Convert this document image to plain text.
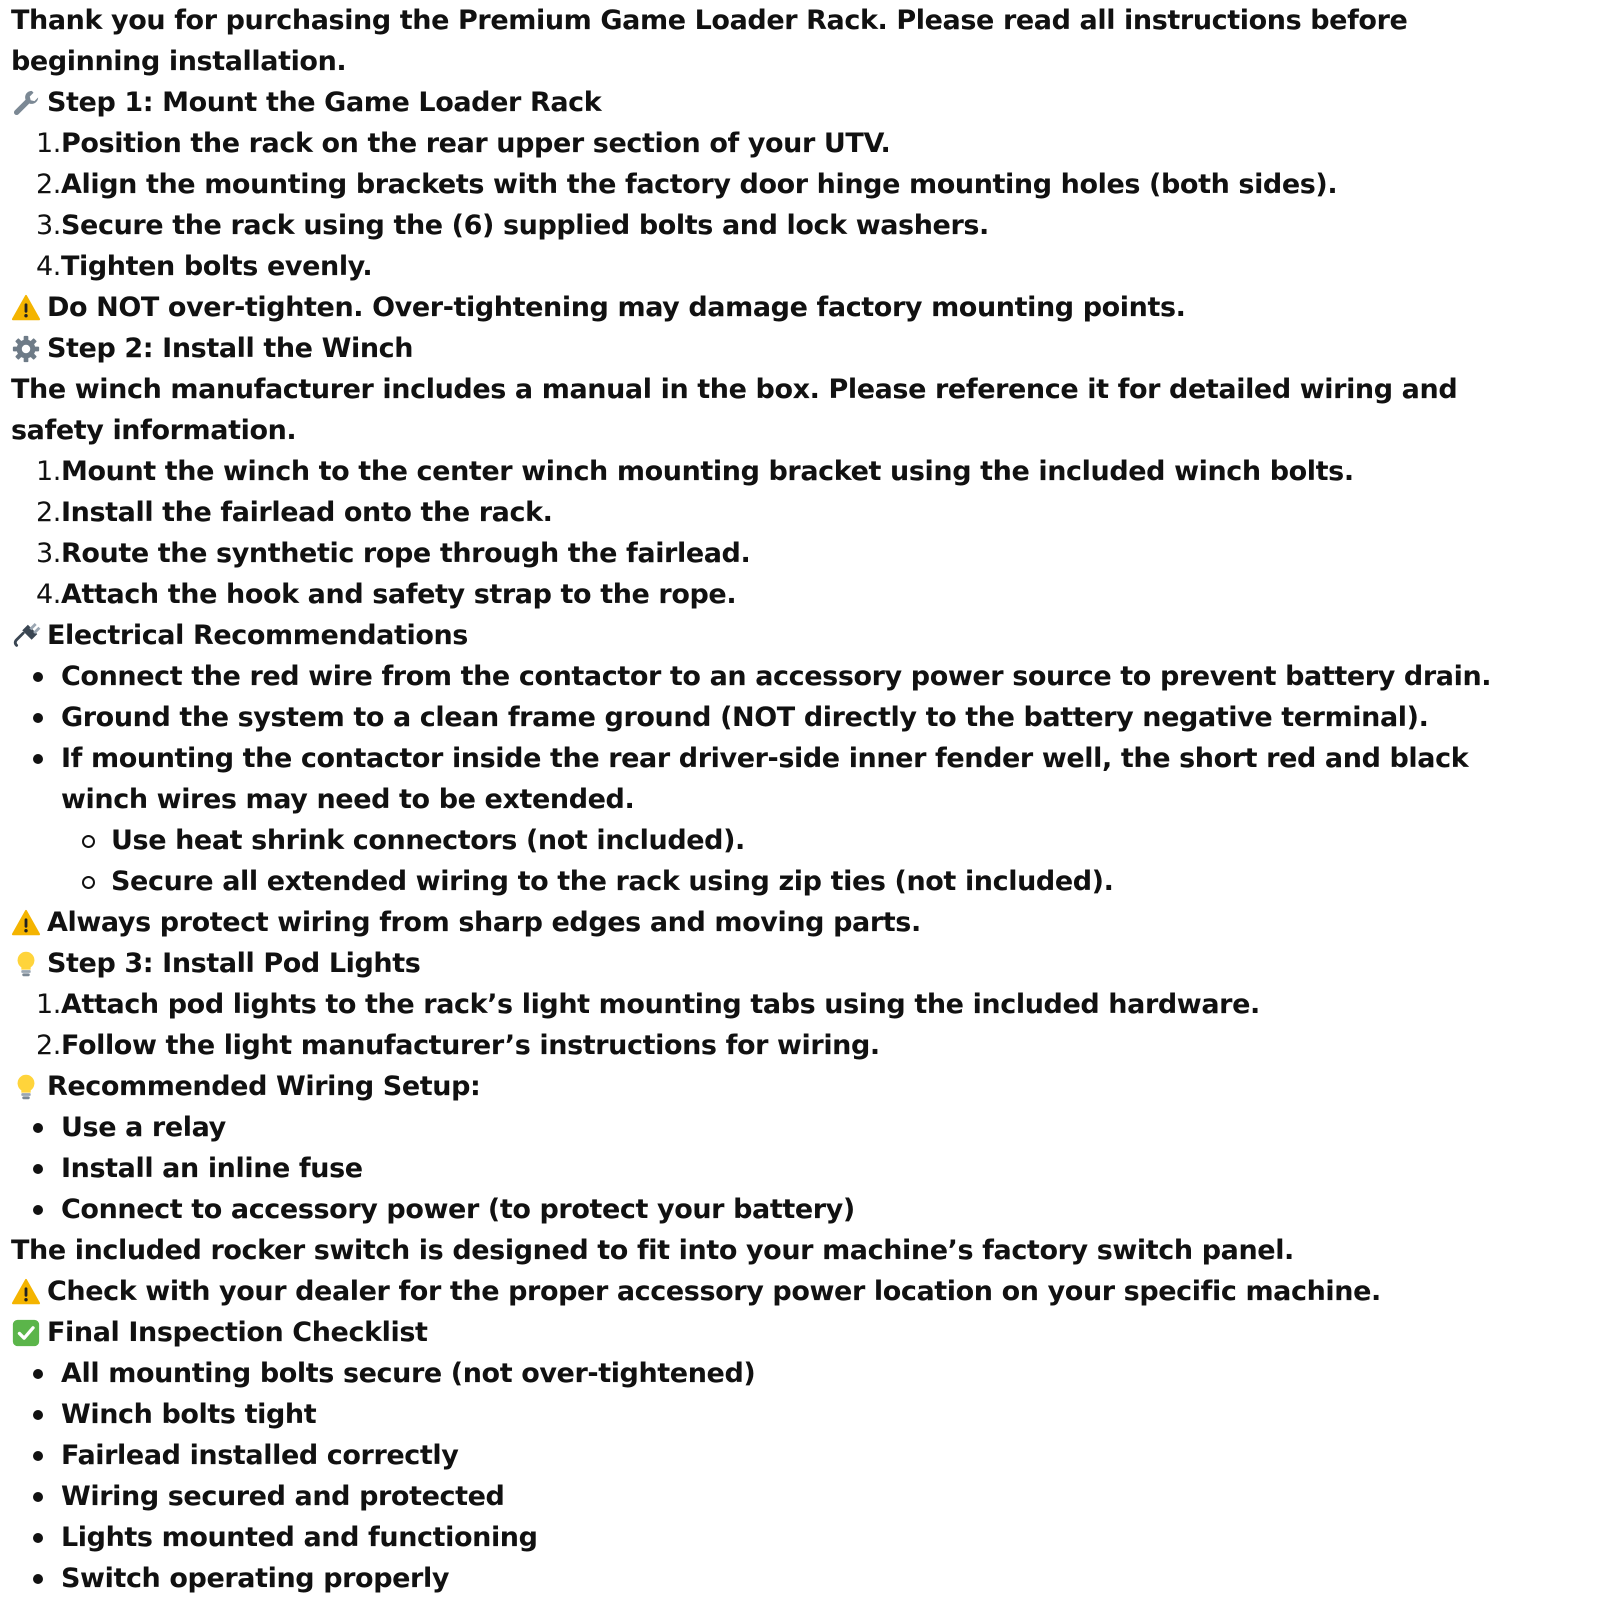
Thank you for purchasing the Premium Game Loader Rack. Please read all instructions before beginning installation.

Step 1: Mount the Game Loader Rack
1. Position the rack on the rear upper section of your UTV.
2. Align the mounting brackets with the factory door hinge mounting holes (both sides).
3. Secure the rack using the (6) supplied bolts and lock washers.
4. Tighten bolts evenly.
Do NOT over-tighten. Over-tightening may damage factory mounting points.
Step 2: Install the Winch

The winch manufacturer includes a manual in the box. Please reference it for detailed wiring and safety information.

1. Mount the winch to the center winch mounting bracket using the included winch bolts.
2. Install the fairlead onto the rack.
3. Route the synthetic rope through the fairlead.
4. Attach the hook and safety strap to the rope.
Electrical Recommendations
Connect the red wire from the contactor to an accessory power source to prevent battery drain.
Ground the system to a clean frame ground (NOT directly to the battery negative terminal).
If mounting the contactor inside the rear driver-side inner fender well, the short red and black winch wires may need to be extended.
Use heat shrink connectors (not included).
Secure all extended wiring to the rack using zip ties (not included).
Always protect wiring from sharp edges and moving parts.
Step 3: Install Pod Lights
1. Attach pod lights to the rack’s light mounting tabs using the included hardware.
2. Follow the light manufacturer’s instructions for wiring.
Recommended Wiring Setup:
Use a relay
Install an inline fuse
Connect to accessory power (to protect your battery)

The included rocker switch is designed to fit into your machine’s factory switch panel.

Check with your dealer for the proper accessory power location on your specific machine.
Final Inspection Checklist
All mounting bolts secure (not over-tightened)
Winch bolts tight
Fairlead installed correctly
Wiring secured and protected
Lights mounted and functioning
Switch operating properly
